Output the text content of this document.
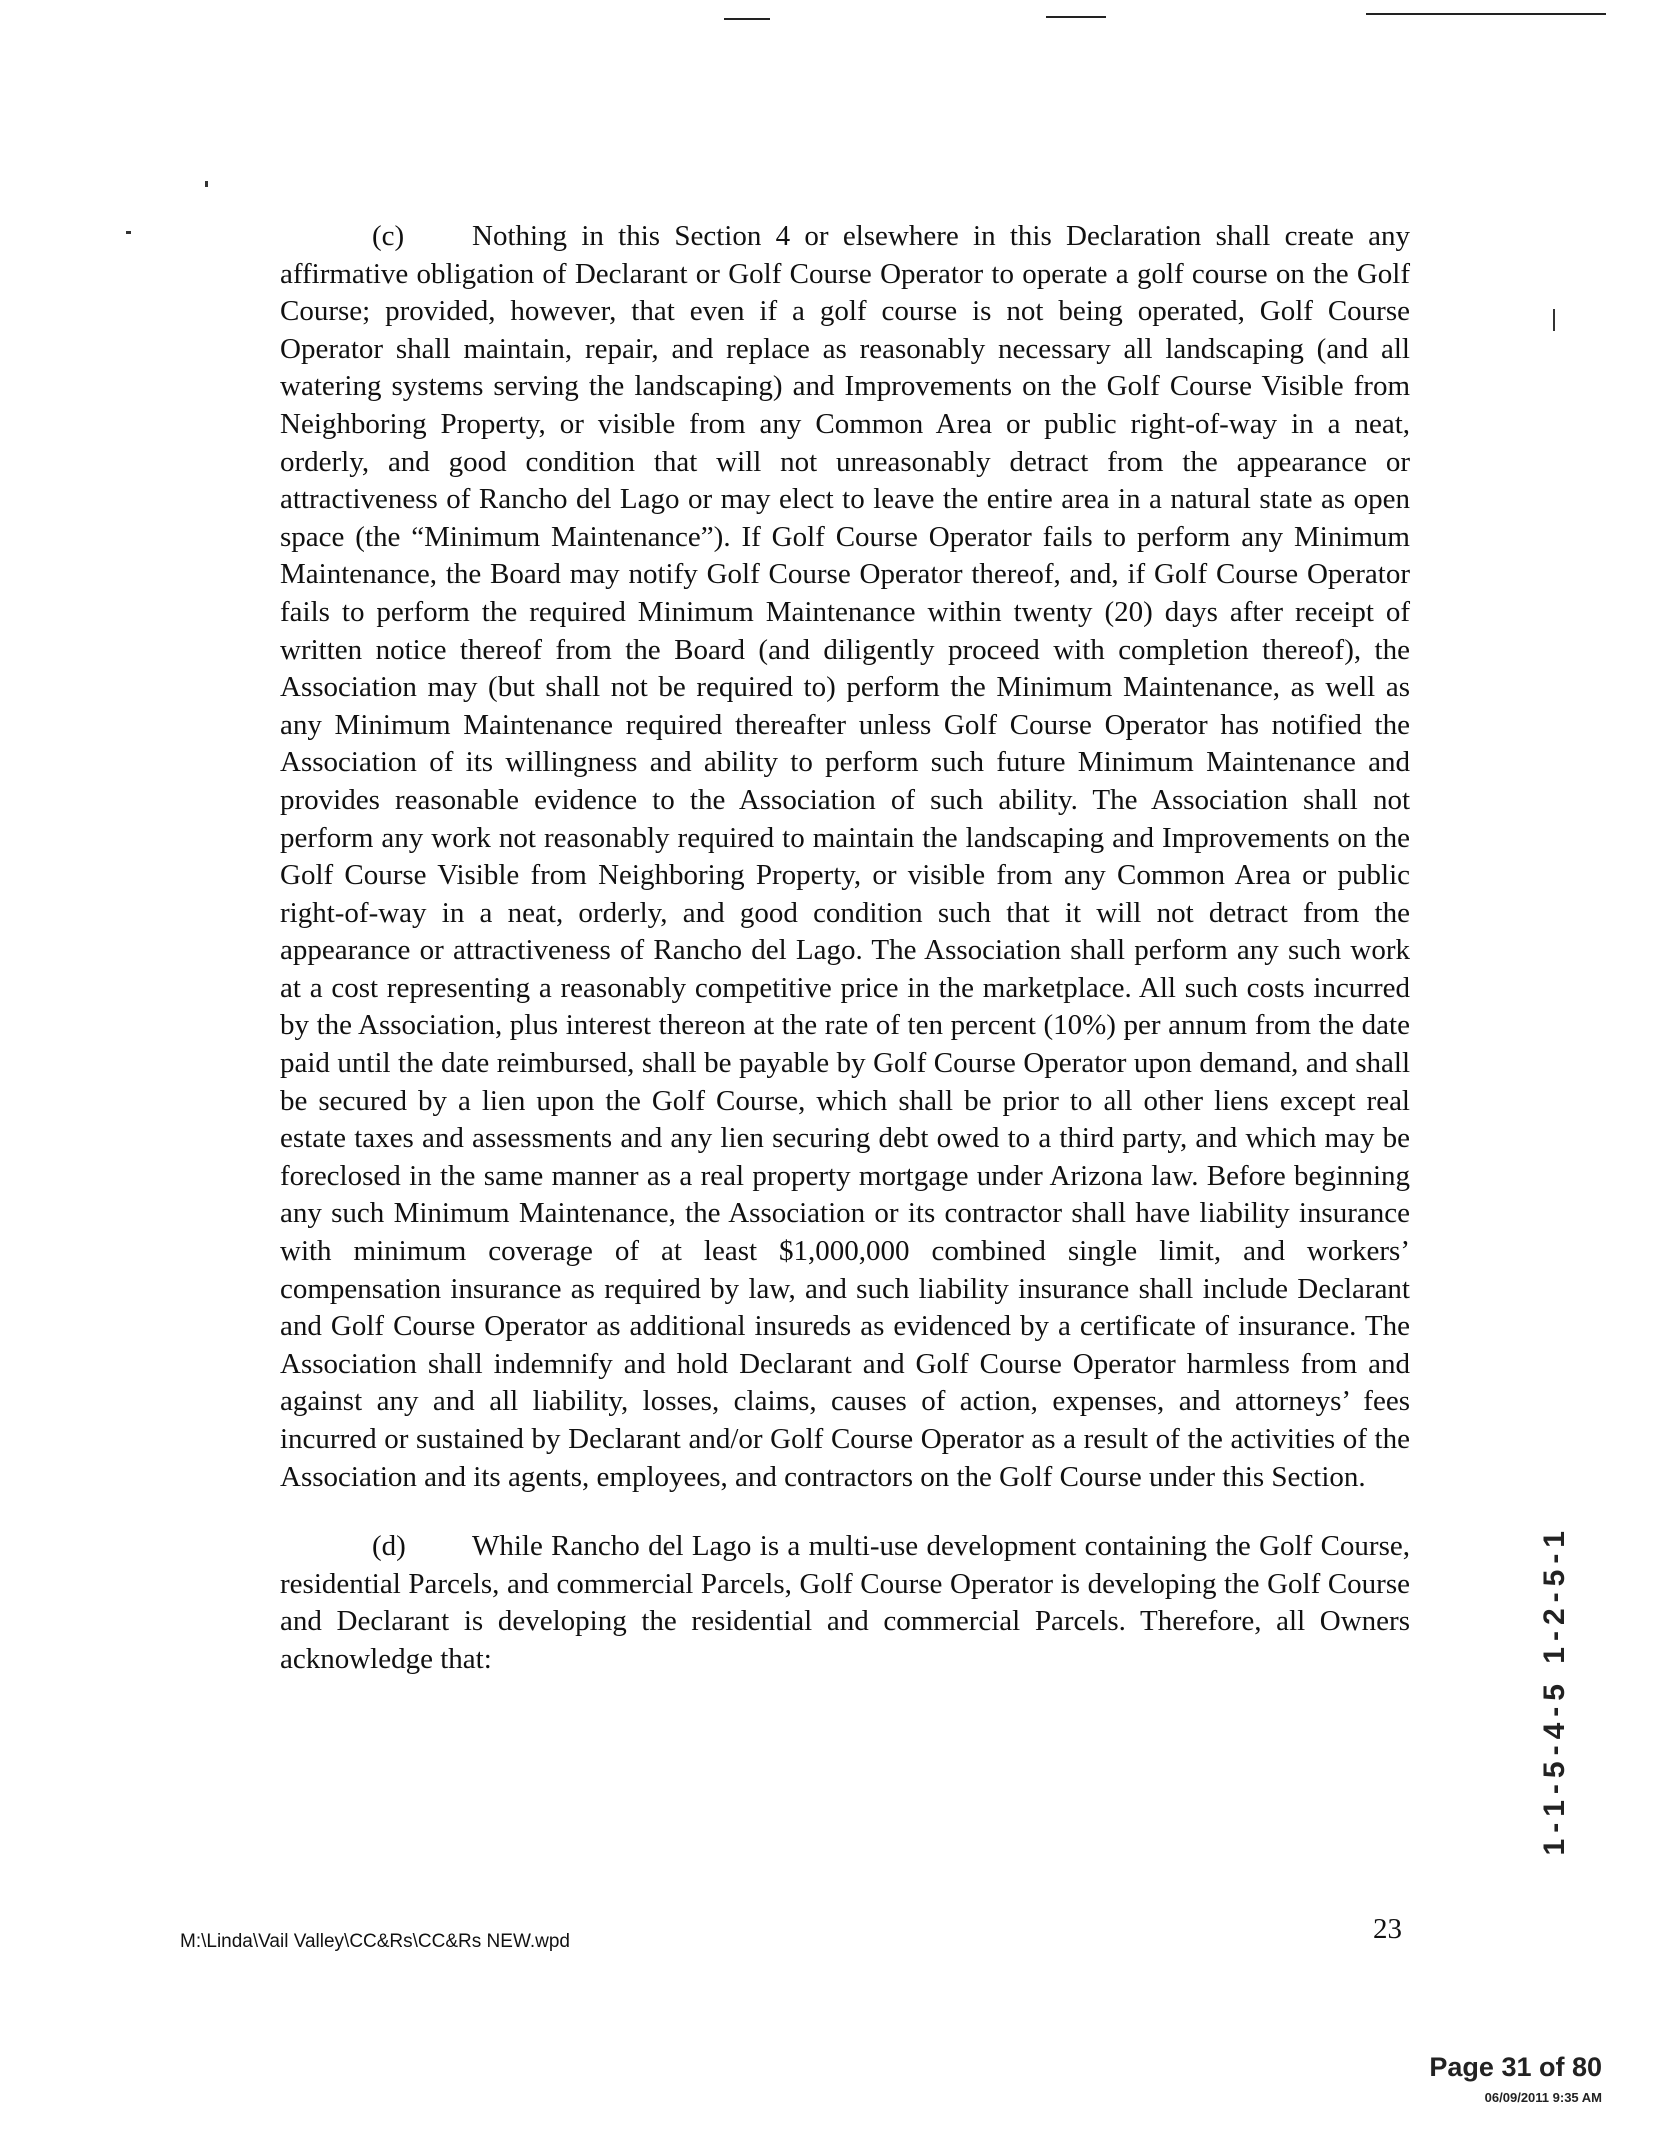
(c) Nothing in this Section 4 or elsewhere in this Declaration shall create any affirmative obligation of Declarant or Golf Course Operator to operate a golf course on the Golf Course; provided, however, that even if a golf course is not being operated, Golf Course Operator shall maintain, repair, and replace as reasonably necessary all landscaping (and all watering systems serving the landscaping) and Improvements on the Golf Course Visible from Neighboring Property, or visible from any Common Area or public right-of-way in a neat, orderly, and good condition that will not unreasonably detract from the appearance or attractiveness of Rancho del Lago or may elect to leave the entire area in a natural state as open space (the “Minimum Maintenance”). If Golf Course Operator fails to perform any Minimum Maintenance, the Board may notify Golf Course Operator thereof, and, if Golf Course Operator fails to perform the required Minimum Maintenance within twenty (20) days after receipt of written notice thereof from the Board (and diligently proceed with completion thereof), the Association may (but shall not be required to) perform the Minimum Maintenance, as well as any Minimum Maintenance required thereafter unless Golf Course Operator has notified the Association of its willingness and ability to perform such future Minimum Maintenance and provides reasonable evidence to the Association of such ability. The Association shall not perform any work not reasonably required to maintain the landscaping and Improvements on the Golf Course Visible from Neighboring Property, or visible from any Common Area or public right-of-way in a neat, orderly, and good condition such that it will not detract from the appearance or attractiveness of Rancho del Lago. The Association shall perform any such work at a cost representing a reasonably competitive price in the marketplace. All such costs incurred by the Association, plus interest thereon at the rate of ten percent (10%) per annum from the date paid until the date reimbursed, shall be payable by Golf Course Operator upon demand, and shall be secured by a lien upon the Golf Course, which shall be prior to all other liens except real estate taxes and assessments and any lien securing debt owed to a third party, and which may be foreclosed in the same manner as a real property mortgage under Arizona law. Before beginning any such Minimum Maintenance, the Association or its contractor shall have liability insurance with minimum coverage of at least $1,000,000 combined single limit, and workers’ compensation insurance as required by law, and such liability insurance shall include Declarant and Golf Course Operator as additional insureds as evidenced by a certificate of insurance. The Association shall indemnify and hold Declarant and Golf Course Operator harmless from and against any and all liability, losses, claims, causes of action, expenses, and attorneys’ fees incurred or sustained by Declarant and/or Golf Course Operator as a result of the activities of the Association and its agents, employees, and contractors on the Golf Course under this Section.

(d) While Rancho del Lago is a multi-use development containing the Golf Course, residential Parcels, and commercial Parcels, Golf Course Operator is developing the Golf Course and Declarant is developing the residential and commercial Parcels. Therefore, all Owners acknowledge that:	1-1-5-4-5 1-2-5-1
M:\Linda\Vail Valley\CC&Rs\CC&Rs NEW.wpd	23
Page 31 of 80
06/09/2011 9:35 AM
